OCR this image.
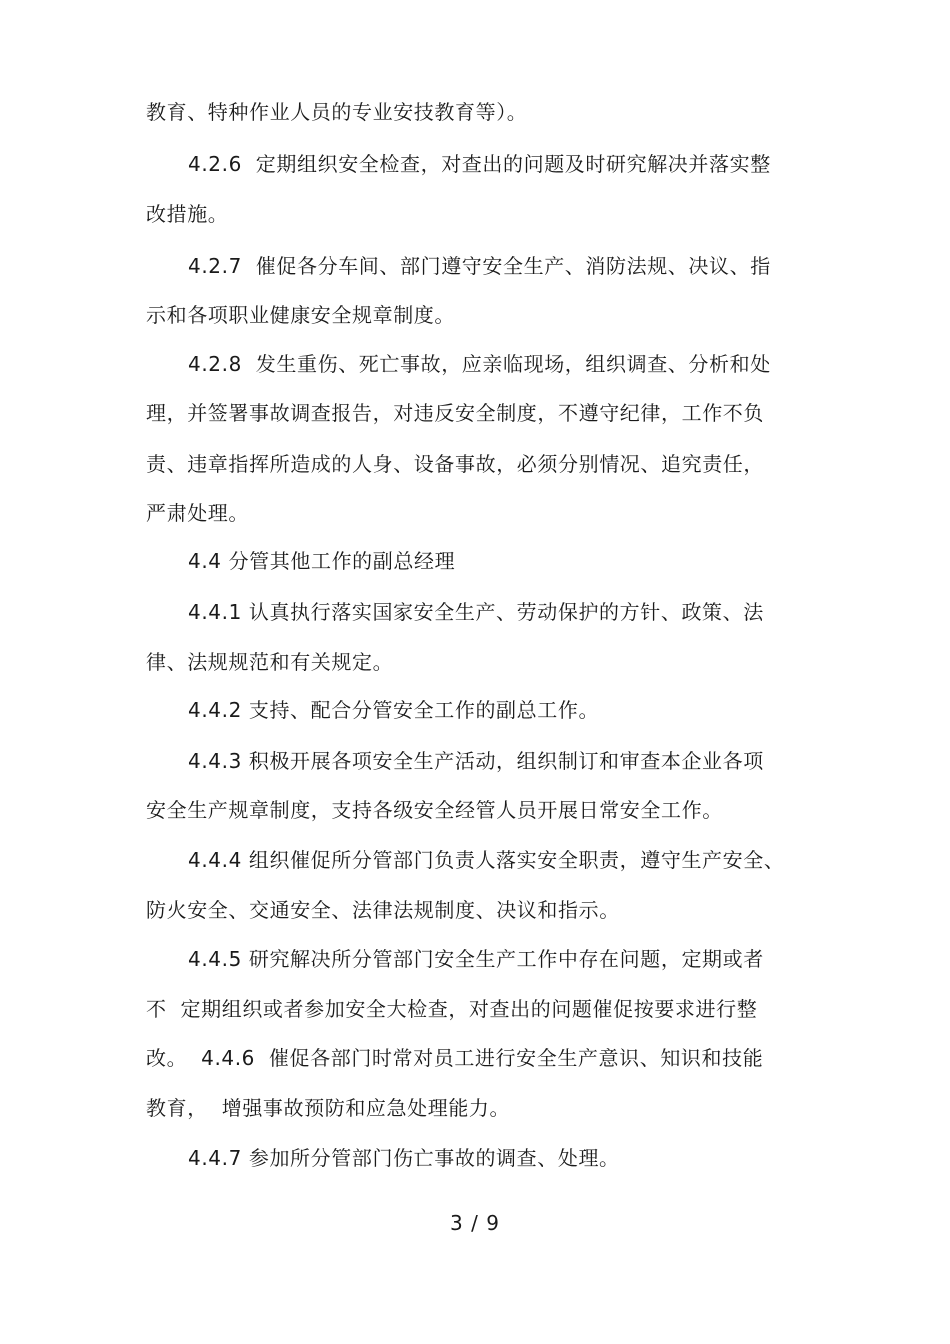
教育、特种作业人员的专业安技教育等）。
4.2.6  定期组织安全检查，对查出的问题及时研究解决并落实整
改措施。
4.2.7  催促各分车间、部门遵守安全生产、消防法规、决议、指
示和各项职业健康安全规章制度。
4.2.8  发生重伤、死亡事故，应亲临现场，组织调查、分析和处
理，并签署事故调查报告，对违反安全制度，不遵守纪律，工作不负
责、违章指挥所造成的人身、设备事故，必须分别情况、追究责任，
严肃处理。
4.4 分管其他工作的副总经理
4.4.1 认真执行落实国家安全生产、劳动保护的方针、政策、法
律、法规规范和有关规定。
4.4.2 支持、配合分管安全工作的副总工作。
4.4.3 积极开展各项安全生产活动，组织制订和审查本企业各项
安全生产规章制度，支持各级安全经管人员开展日常安全工作。
4.4.4 组织催促所分管部门负责人落实安全职责，遵守生产安全、
防火安全、交通安全、法律法规制度、决议和指示。
4.4.5 研究解决所分管部门安全生产工作中存在问题，定期或者
不  定期组织或者参加安全大检查，对查出的问题催促按要求进行整
改。  4.4.6  催促各部门时常对员工进行安全生产意识、知识和技能
教育，  增强事故预防和应急处理能力。
4.4.7 参加所分管部门伤亡事故的调查、处理。
3 / 9
